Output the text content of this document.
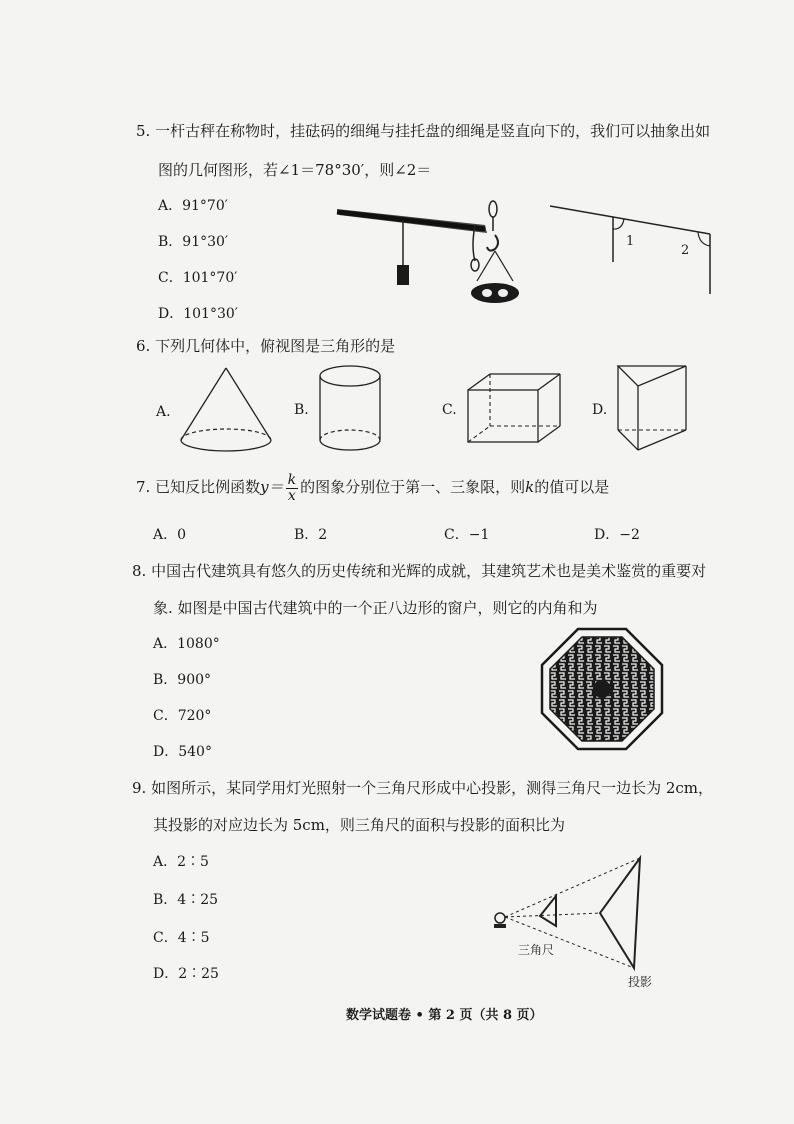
5. 一杆古秤在称物时，挂砝码的细绳与挂托盘的细绳是竖直向下的，我们可以抽象出如
图的几何图形，若∠1＝78°30′，则∠2＝
A．91°70′
B．91°30′
C．101°70′
D．101°30′
1
2
6. 下列几何体中，俯视图是三角形的是
A.	B.	C.	D.
7. 已知反比例函数$y= \frac{k}{x}$ 的图象分别位于第一、三象限，则k的值可以是
A．0	B．2	C．−1	D．−2
8. 中国古代建筑具有悠久的历史传统和光辉的成就，其建筑艺术也是美术鉴赏的重要对
象. 如图是中国古代建筑中的一个正八边形的窗户，则它的内角和为
A．1080°
B．900°
C．720°
D．540°
9. 如图所示，某同学用灯光照射一个三角尺形成中心投影，测得三角尺一边长为 2cm，
其投影的对应边长为 5cm，则三角尺的面积与投影的面积比为
A．2∶5
B．4∶25
C．4∶5
D．2∶25
三角尺
投影
数学试题卷 • 第 2 页（共 8 页）
